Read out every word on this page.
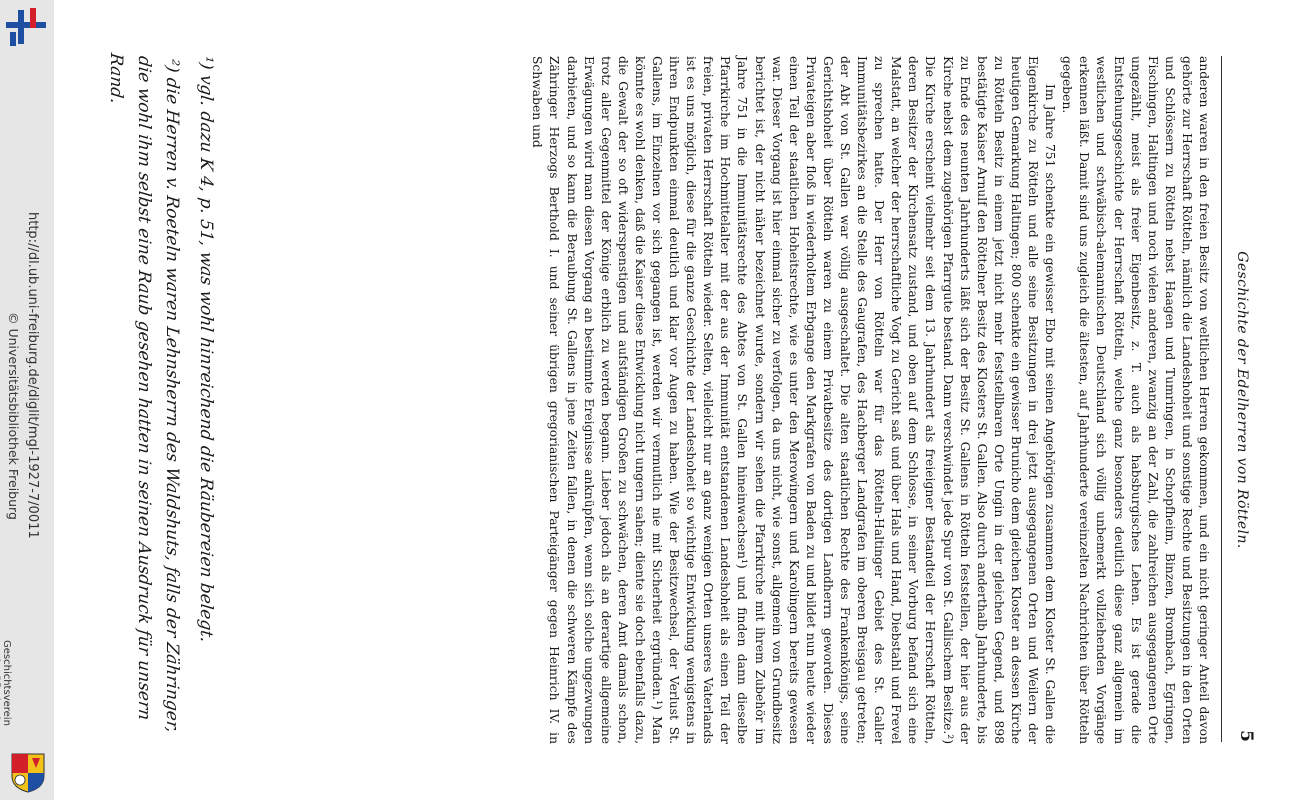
http://dl.ub.uni-freiburg.de/diglit/mgl-1927-7/0011
© Universitätsbibliothek Freiburg
Geschichtsverein
Geschichte der Edelherren von Rötteln.
5

anderen waren in den freien Besitz von weltlichen Herren gekommen, und ein nicht geringer Anteil davon gehörte zur Herrschaft Rötteln, nämlich die Landeshoheit und sonstige Rechte und Besitzungen in den Orten und Schlössern zu Rötteln nebst Haagen und Tumringen, in Schopfheim, Binzen, Brombach, Egringen, Fischingen, Haltingen und noch vielen anderen, zwanzig an der Zahl, die zahlreichen ausgegangenen Orte ungezählt, meist als freier Eigenbesitz, z. T. auch als habsburgisches Lehen. Es ist gerade die Entstehungsgeschichte der Herrschaft Rötteln, welche ganz besonders deutlich diese ganz allgemein im westlichen und schwäbisch-alemannischen Deutschland sich völlig unbemerkt vollziehenden Vorgänge erkennen läßt. Damit sind uns zugleich die ältesten, auf Jahrhunderte vereinzelten Nachrichten über Rötteln gegeben.

Im Jahre 751 schenkte ein gewisser Ebo mit seinen Angehörigen zusammen dem Kloster St. Gallen die Eigenkirche zu Rötteln und alle seine Besitzungen in drei jetzt ausgegangenen Orten und Weilern der heutigen Gemarkung Haltingen; 800 schenkte ein gewisser Brunicho dem gleichen Kloster an dessen Kirche zu Rötteln Besitz in einem jetzt nicht mehr feststellbaren Orte Ungin in der gleichen Gegend, und 898 bestätigte Kaiser Arnulf den Röttelner Besitz des Klosters St. Gallen. Also durch anderthalb Jahrhunderte, bis zu Ende des neunten Jahrhunderts läßt sich der Besitz St. Gallens in Rötteln feststellen, der hier aus der Kirche nebst dem zugehörigen Pfarrgute bestand. Dann verschwindet jede Spur von St. Gallischem Besitze.²) Die Kirche erscheint vielmehr seit dem 13. Jahrhundert als freieigner Bestandteil der Herrschaft Rötteln, deren Besitzer der Kirchensatz zustand, und oben auf dem Schlosse, in seiner Vorburg befand sich eine Malstatt, an welcher der herrschaftliche Vogt zu Gericht saß und über Hals und Hand, Diebstahl und Frevel zu sprechen hatte. Der Herr von Rötteln war für das Rötteln-Haltinger Gebiet des St. Galler Immunitätsbezirkes an die Stelle des Gaugrafen, des Hachberger Landgrafen im oberen Breisgau getreten; der Abt von St. Gallen war völlig ausgeschaltet. Die alten staatlichen Rechte des Frankenkönigs, seine Gerichtshoheit über Rötteln waren zu einem Privatbesitze des dortigen Landherrn geworden. Dieses Privateigen aber floß in wiederholtem Erbgange den Markgrafen von Baden zu und bildet nun heute wieder einen Teil der staatlichen Hoheitsrechte, wie es unter den Merowingern und Karolingern bereits gewesen war. Dieser Vorgang ist hier einmal sicher zu verfolgen, da uns nicht, wie sonst, allgemein von Grundbesitz berichtet ist, der nicht näher bezeichnet wurde, sondern wir sehen die Pfarrkirche mit ihrem Zubehör im Jahre 751 in die Immunitätsrechte des Abtes von St. Gallen hineinwachsen¹) und finden dann dieselbe Pfarrkirche im Hochmittelalter mit der aus der Immunität entstandenen Landeshoheit als einen Teil der freien, privaten Herrschaft Rötteln wieder. Selten, vielleicht nur an ganz wenigen Orten unseres Vaterlands ist es uns möglich, diese für die ganze Geschichte der Landeshoheit so wichtige Entwicklung wenigstens in ihren Endpunkten einmal deutlich und klar vor Augen zu haben. Wie der Besitzwechsel, der Verlust St. Gallens, im Einzelnen vor sich gegangen ist, werden wir vermutlich nie mit Sicherheit ergründen.¹) Man könnte es wohl denken, daß die Kaiser diese Entwicklung nicht ungern sahen; diente sie doch ebenfalls dazu, die Gewalt der so oft widerspenstigen und aufständigen Großen zu schwächen, deren Amt damals schon, trotz aller Gegenmittel der Könige erblich zu werden begann. Lieber jedoch als an derartige allgemeine Erwägungen wird man diesen Vorgang an bestimmte Ereignisse anknüpfen, wenn sich solche ungezwungen darbieten, und so kann die Beraubung St. Gallens in jene Zeiten fallen, in denen die schweren Kämpfe des Zähringer Herzogs Berthold I. und seiner übrigen gregorianischen Parteigänger gegen Heinrich IV. in Schwaben und

¹) vgl. dazu K 4, p. 51, was wohl hinreichend die Räubereien belegt.
²) die Herren v. Roeteln waren Lehnsherrn des Waldshuts, falls der Zähringer, die wohl ihm selbst eine Raub gesehen hatten in seinen Ausdruck für unsern Rand.
